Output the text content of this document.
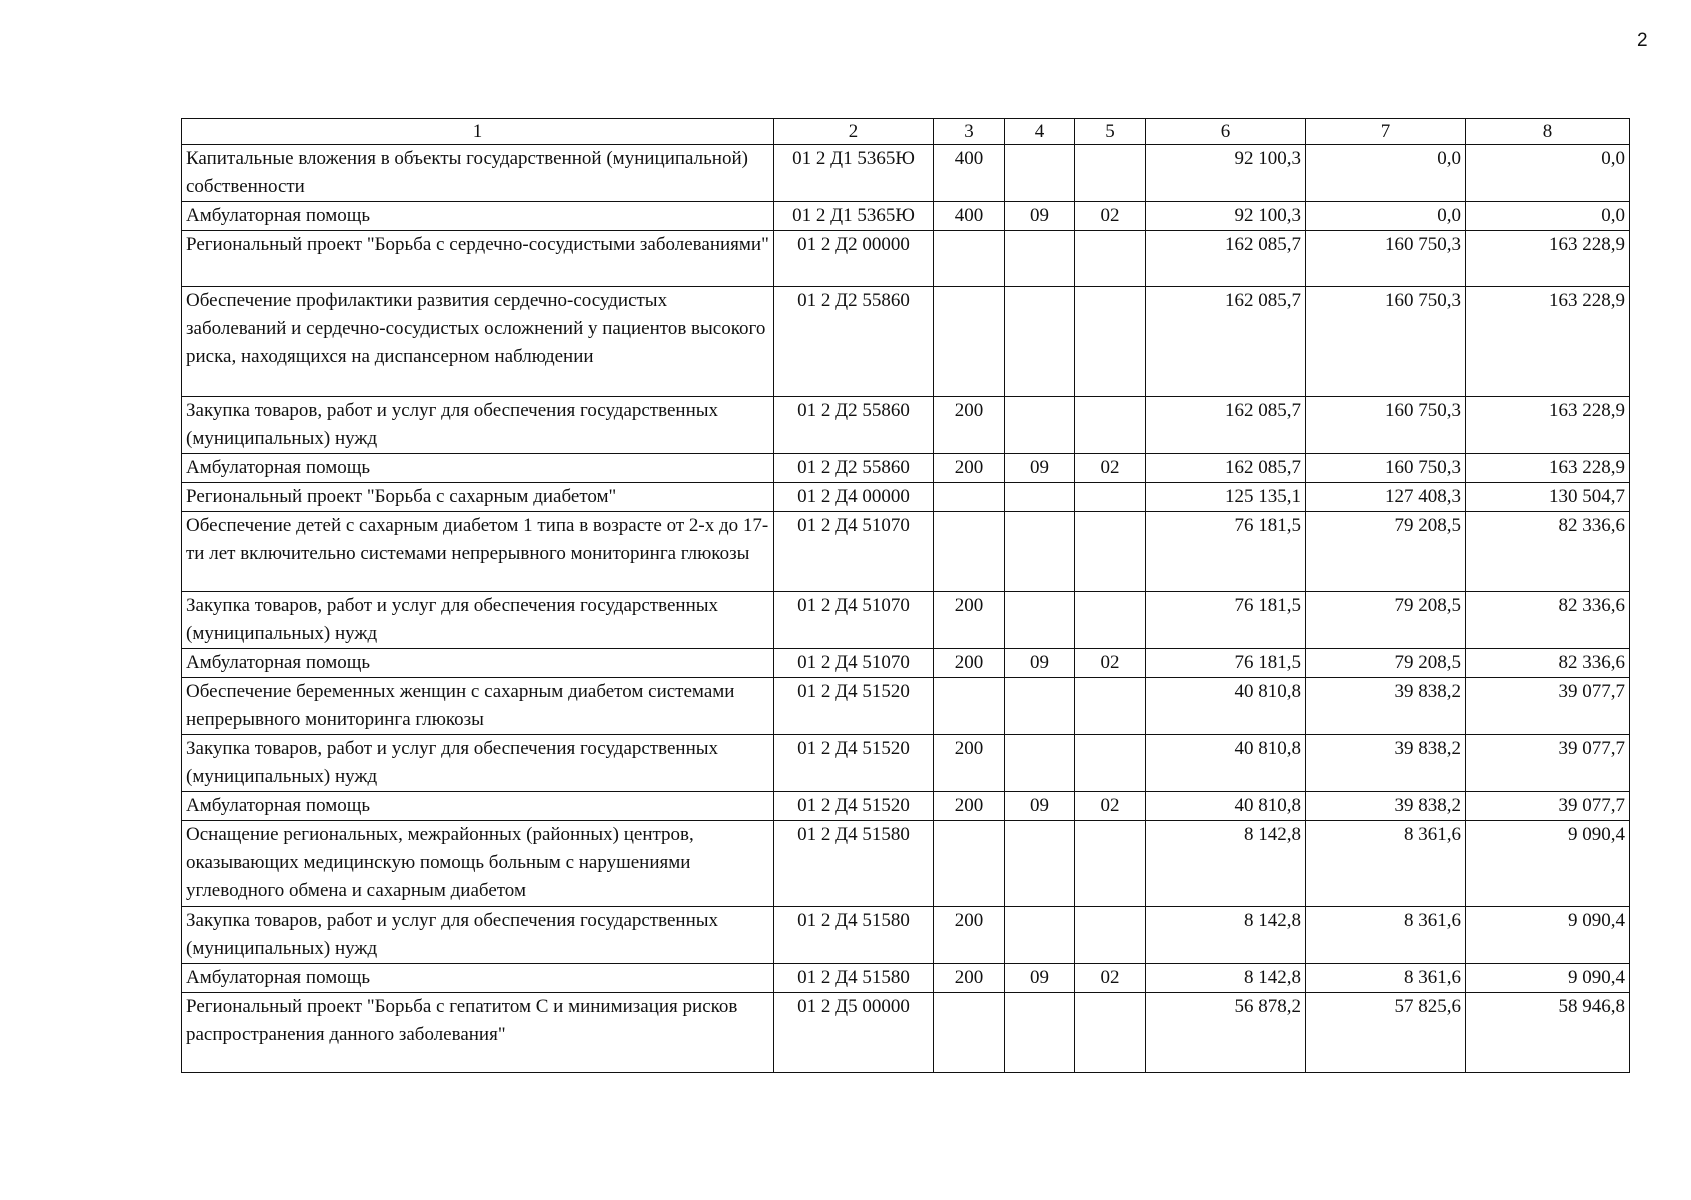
2
1	2	3	4	5	6	7	8
Капитальные вложения в объекты государственной (муниципальной) собственности	01 2 Д1 5365Ю	400			92 100,3	0,0	0,0
Амбулаторная помощь	01 2 Д1 5365Ю	400	09	02	92 100,3	0,0	0,0
Региональный проект "Борьба с сердечно-сосудистыми заболеваниями"	01 2 Д2 00000				162 085,7	160 750,3	163 228,9
Обеспечение профилактики развития сердечно-сосудистых заболеваний и сердечно-сосудистых осложнений у пациентов высокого риска, находящихся на диспансерном наблюдении	01 2 Д2 55860				162 085,7	160 750,3	163 228,9
Закупка товаров, работ и услуг для обеспечения государственных (муниципальных) нужд	01 2 Д2 55860	200			162 085,7	160 750,3	163 228,9
Амбулаторная помощь	01 2 Д2 55860	200	09	02	162 085,7	160 750,3	163 228,9
Региональный проект "Борьба с сахарным диабетом"	01 2 Д4 00000				125 135,1	127 408,3	130 504,7
Обеспечение детей с сахарным диабетом 1 типа в возрасте от 2-х до 17-ти лет включительно системами непрерывного мониторинга глюкозы	01 2 Д4 51070				76 181,5	79 208,5	82 336,6
Закупка товаров, работ и услуг для обеспечения государственных (муниципальных) нужд	01 2 Д4 51070	200			76 181,5	79 208,5	82 336,6
Амбулаторная помощь	01 2 Д4 51070	200	09	02	76 181,5	79 208,5	82 336,6
Обеспечение беременных женщин с сахарным диабетом системами непрерывного мониторинга глюкозы	01 2 Д4 51520				40 810,8	39 838,2	39 077,7
Закупка товаров, работ и услуг для обеспечения государственных (муниципальных) нужд	01 2 Д4 51520	200			40 810,8	39 838,2	39 077,7
Амбулаторная помощь	01 2 Д4 51520	200	09	02	40 810,8	39 838,2	39 077,7
Оснащение региональных, межрайонных (районных) центров, оказывающих медицинскую помощь больным с нарушениями углеводного обмена и сахарным диабетом	01 2 Д4 51580				8 142,8	8 361,6	9 090,4
Закупка товаров, работ и услуг для обеспечения государственных (муниципальных) нужд	01 2 Д4 51580	200			8 142,8	8 361,6	9 090,4
Амбулаторная помощь	01 2 Д4 51580	200	09	02	8 142,8	8 361,6	9 090,4
Региональный проект "Борьба с гепатитом С и минимизация рисков распространения данного заболевания"	01 2 Д5 00000				56 878,2	57 825,6	58 946,8
